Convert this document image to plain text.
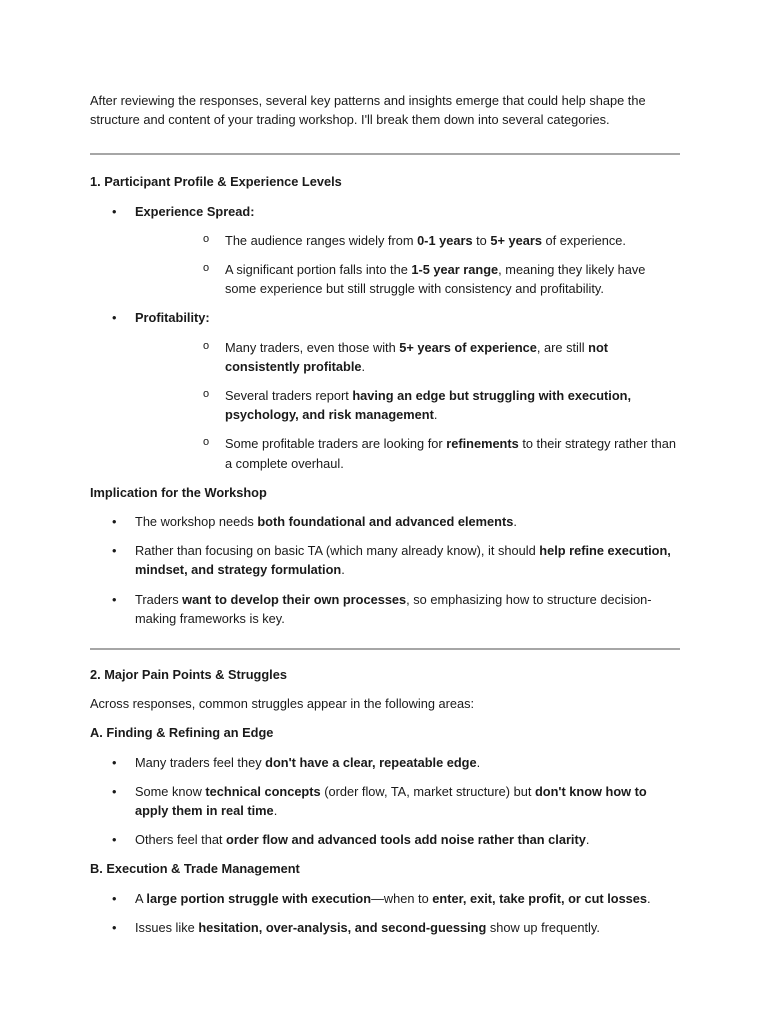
After reviewing the responses, several key patterns and insights emerge that could help shape the structure and content of your trading workshop. I'll break them down into several categories.

1. Participant Profile & Experience Levels

• Experience Spread:
o The audience ranges widely from 0-1 years to 5+ years of experience.
o A significant portion falls into the 1-5 year range, meaning they likely have some experience but still struggle with consistency and profitability.
• Profitability:
o Many traders, even those with 5+ years of experience, are still not consistently profitable.
o Several traders report having an edge but struggling with execution, psychology, and risk management.
o Some profitable traders are looking for refinements to their strategy rather than a complete overhaul.

Implication for the Workshop

• The workshop needs both foundational and advanced elements.
• Rather than focusing on basic TA (which many already know), it should help refine execution, mindset, and strategy formulation.
• Traders want to develop their own processes, so emphasizing how to structure decision-making frameworks is key.

2. Major Pain Points & Struggles

Across responses, common struggles appear in the following areas:

A. Finding & Refining an Edge

• Many traders feel they don't have a clear, repeatable edge.
• Some know technical concepts (order flow, TA, market structure) but don't know how to apply them in real time.
• Others feel that order flow and advanced tools add noise rather than clarity.

B. Execution & Trade Management

• A large portion struggle with execution—when to enter, exit, take profit, or cut losses.
• Issues like hesitation, over-analysis, and second-guessing show up frequently.
